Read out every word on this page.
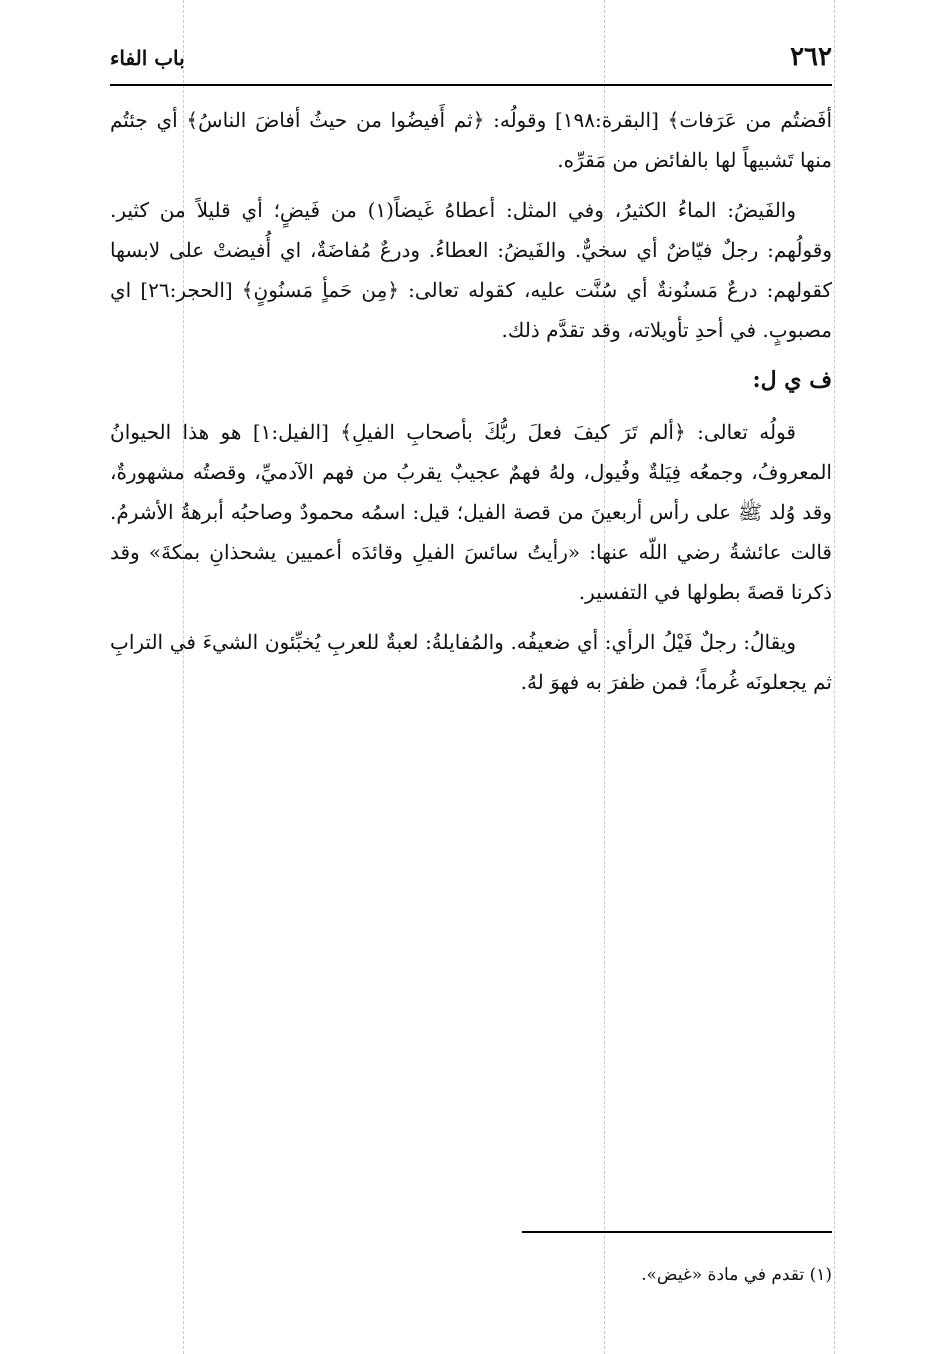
٢٦٢
باب الفاء

أفَضتُم من عَرَفات﴾ [البقرة:١٩٨] وقولُه: ﴿ثم أَفيضُوا من حيثُ أفاضَ الناسُ﴾ أي جئتُم منها تَشبيهاً لها بالفائض من مَقرِّه.

والفَيضُ: الماءُ الكثيرُ، وفي المثل: أعطاهُ غَيضاً(١) من فَيضٍ؛ أي قليلاً من كثير. وقولُهم: رجلٌ فيّاضٌ أي سخيٌّ. والفَيضُ: العطاءُ. ودرعٌ مُفاضَةٌ، اي أُفيضتْ على لابسها كقولهم: درعٌ مَسنُونةٌ أي سُنَّت عليه، كقوله تعالى: ﴿مِن حَمأٍ مَسنُونٍ﴾ [الحجر:٢٦] اي مصبوبٍ. في أحدِ تأويلاته، وقد تقدَّم ذلك.

ف ي ل:

قولُه تعالى: ﴿ألم تَرَ كيفَ فعلَ ربُّكَ بأصحابِ الفيلِ﴾ [الفيل:١] هو هذا الحيوانُ المعروفُ، وجمعُه فِيَلةٌ وفُيول، ولهُ فهمٌ عجيبٌ يقربُ من فهم الآدميِّ، وقصتُه مشهورةٌ، وقد وُلد ﷺ على رأس أربعينَ من قصة الفيل؛ قيل: اسمُه محمودٌ وصاحبُه أبرهةُ الأشرمُ. قالت عائشةُ رضي اللّه عنها: «رأيتُ سائسَ الفيلِ وقائدَه أعميين يشحذانِ بمكةَ» وقد ذكرنا قصةَ بطولها في التفسير.

ويقالُ: رجلٌ فَيْلُ الرأي: أي ضعيفُه. والمُفايلةُ: لعبةٌ للعربِ يُخبِّئون الشيءَ في الترابِ ثم يجعلونَه غُرماً؛ فمن ظفرَ به فهوَ لهُ.

(١) تقدم في مادة «غيض».
